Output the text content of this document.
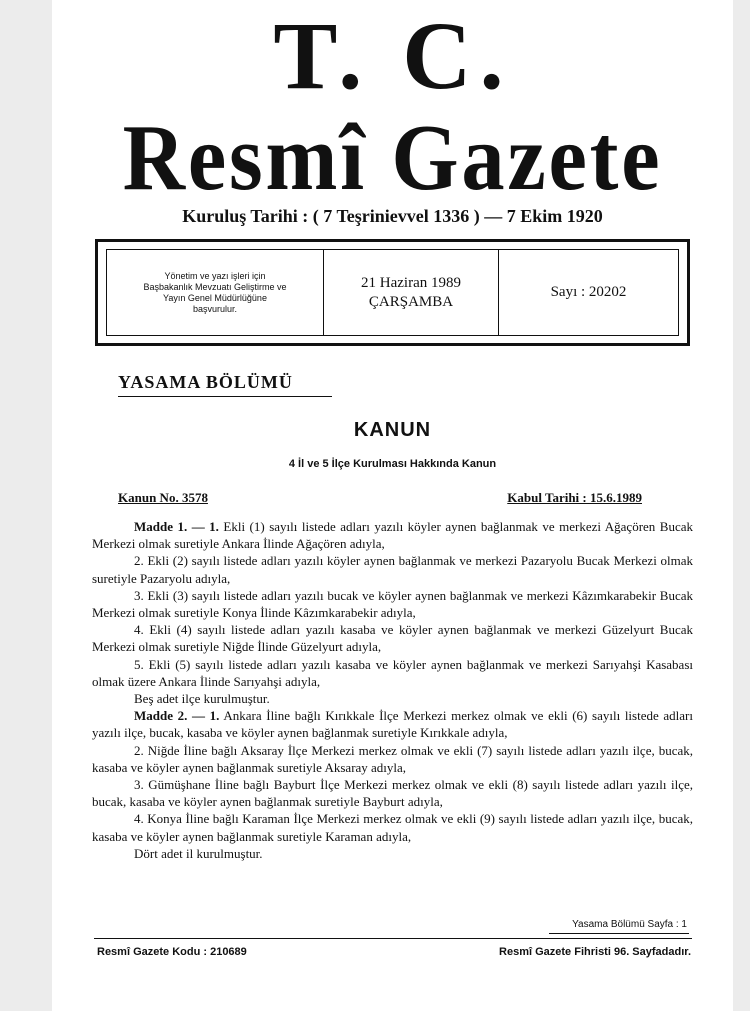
T. C.
Resmî Gazete
Kuruluş Tarihi : ( 7 Teşrinievvel 1336 ) — 7 Ekim 1920
Yönetim ve yazı işleri için
Başbakanlık Mevzuatı Geliştirme ve
Yayın Genel Müdürlüğüne
başvurulur.
21 Haziran 1989
ÇARŞAMBA
Sayı : 20202
YASAMA BÖLÜMÜ
KANUN
4 İl ve 5 İlçe Kurulması Hakkında Kanun
Kanun No. 3578	Kabul Tarihi : 15.6.1989
Madde 1. — 1. Ekli (1) sayılı listede adları yazılı köyler aynen bağlanmak ve merkezi Ağaçören Bucak Merkezi olmak suretiyle Ankara İlinde Ağaçören adıyla,
2. Ekli (2) sayılı listede adları yazılı köyler aynen bağlanmak ve merkezi Pazaryolu Bucak Merkezi olmak suretiyle Pazaryolu adıyla,
3. Ekli (3) sayılı listede adları yazılı bucak ve köyler aynen bağlanmak ve merkezi Kâzımkarabekir Bucak Merkezi olmak suretiyle Konya İlinde Kâzımkarabekir adıyla,
4. Ekli (4) sayılı listede adları yazılı kasaba ve köyler aynen bağlanmak ve merkezi Güzelyurt Bucak Merkezi olmak suretiyle Niğde İlinde Güzelyurt adıyla,
5. Ekli (5) sayılı listede adları yazılı kasaba ve köyler aynen bağlanmak ve merkezi Sarıyahşi Kasabası olmak üzere Ankara İlinde Sarıyahşi adıyla,
Beş adet ilçe kurulmuştur.
Madde 2. — 1. Ankara İline bağlı Kırıkkale İlçe Merkezi merkez olmak ve ekli (6) sayılı listede adları yazılı ilçe, bucak, kasaba ve köyler aynen bağlanmak suretiyle Kırıkkale adıyla,
2. Niğde İline bağlı Aksaray İlçe Merkezi merkez olmak ve ekli (7) sayılı listede adları yazılı ilçe, bucak, kasaba ve köyler aynen bağlanmak suretiyle Aksaray adıyla,
3. Gümüşhane İline bağlı Bayburt İlçe Merkezi merkez olmak ve ekli (8) sayılı listede adları yazılı ilçe, bucak, kasaba ve köyler aynen bağlanmak suretiyle Bayburt adıyla,
4. Konya İline bağlı Karaman İlçe Merkezi merkez olmak ve ekli (9) sayılı listede adları yazılı ilçe, bucak, kasaba ve köyler aynen bağlanmak suretiyle Karaman adıyla,
Dört adet il kurulmuştur.
Yasama Bölümü Sayfa : 1
Resmî Gazete Kodu : 210689	Resmî Gazete Fihristi 96. Sayfadadır.
